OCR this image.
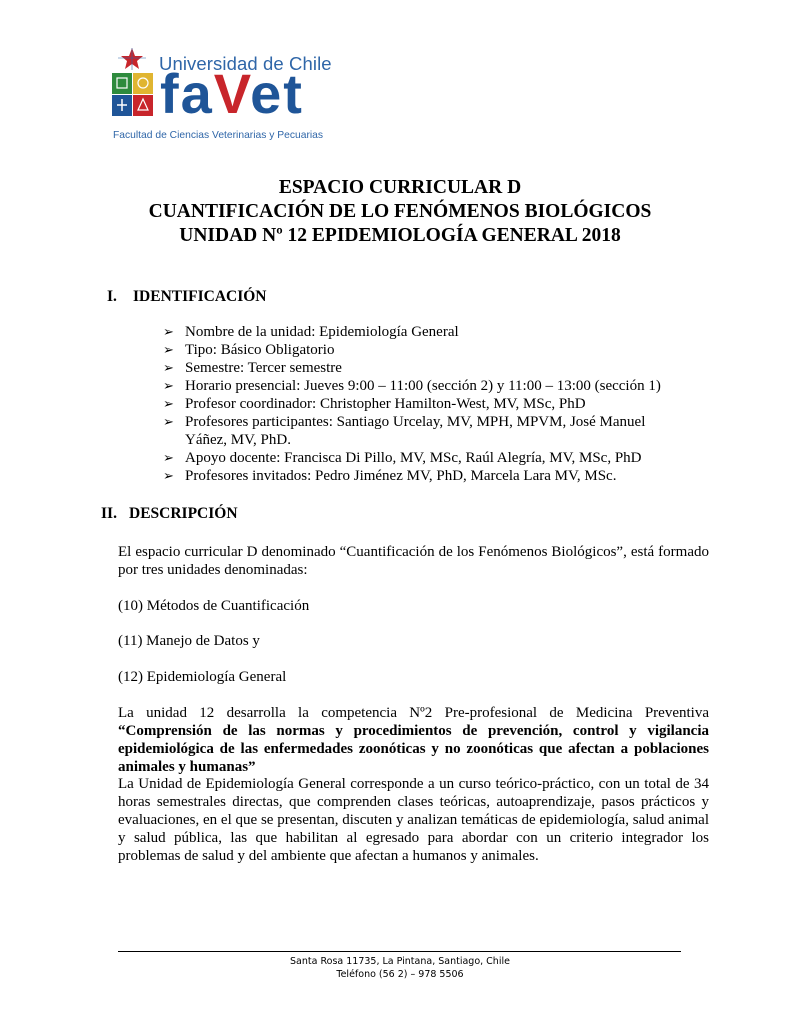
Universidad de Chile
faVet
Facultad de Ciencias Veterinarias y Pecuarias
ESPACIO CURRICULAR D
CUANTIFICACIÓN DE LO FENÓMENOS BIOLÓGICOS
UNIDAD Nº 12 EPIDEMIOLOGÍA GENERAL 2018
I. IDENTIFICACIÓN
➢ Nombre de la unidad: Epidemiología General
➢ Tipo: Básico Obligatorio
➢ Semestre: Tercer semestre
➢ Horario presencial: Jueves 9:00 – 11:00 (sección 2) y 11:00 – 13:00 (sección 1)
➢ Profesor coordinador: Christopher Hamilton-West, MV, MSc, PhD
➢ Profesores participantes: Santiago Urcelay, MV, MPH, MPVM, José Manuel Yáñez, MV, PhD.
➢ Apoyo docente: Francisca Di Pillo, MV, MSc, Raúl Alegría, MV, MSc, PhD
➢ Profesores invitados: Pedro Jiménez MV, PhD, Marcela Lara MV, MSc.
II. DESCRIPCIÓN
El espacio curricular D denominado “Cuantificación de los Fenómenos Biológicos”, está formado por tres unidades denominadas:
(10) Métodos de Cuantificación
(11) Manejo de Datos y
(12) Epidemiología General
La unidad 12 desarrolla la competencia Nº2 Pre-profesional de Medicina Preventiva “Comprensión de las normas y procedimientos de prevención, control y vigilancia epidemiológica de las enfermedades zoonóticas y no zoonóticas que afectan a poblaciones animales y humanas”
La Unidad de Epidemiología General corresponde a un curso teórico-práctico, con un total de 34 horas semestrales directas, que comprenden clases teóricas, autoaprendizaje, pasos prácticos y evaluaciones, en el que se presentan, discuten y analizan temáticas de epidemiología, salud animal y salud pública, las que habilitan al egresado para abordar con un criterio integrador los problemas de salud y del ambiente que afectan a humanos y animales.
Santa Rosa 11735, La Pintana, Santiago, Chile
Teléfono (56 2) – 978 5506
